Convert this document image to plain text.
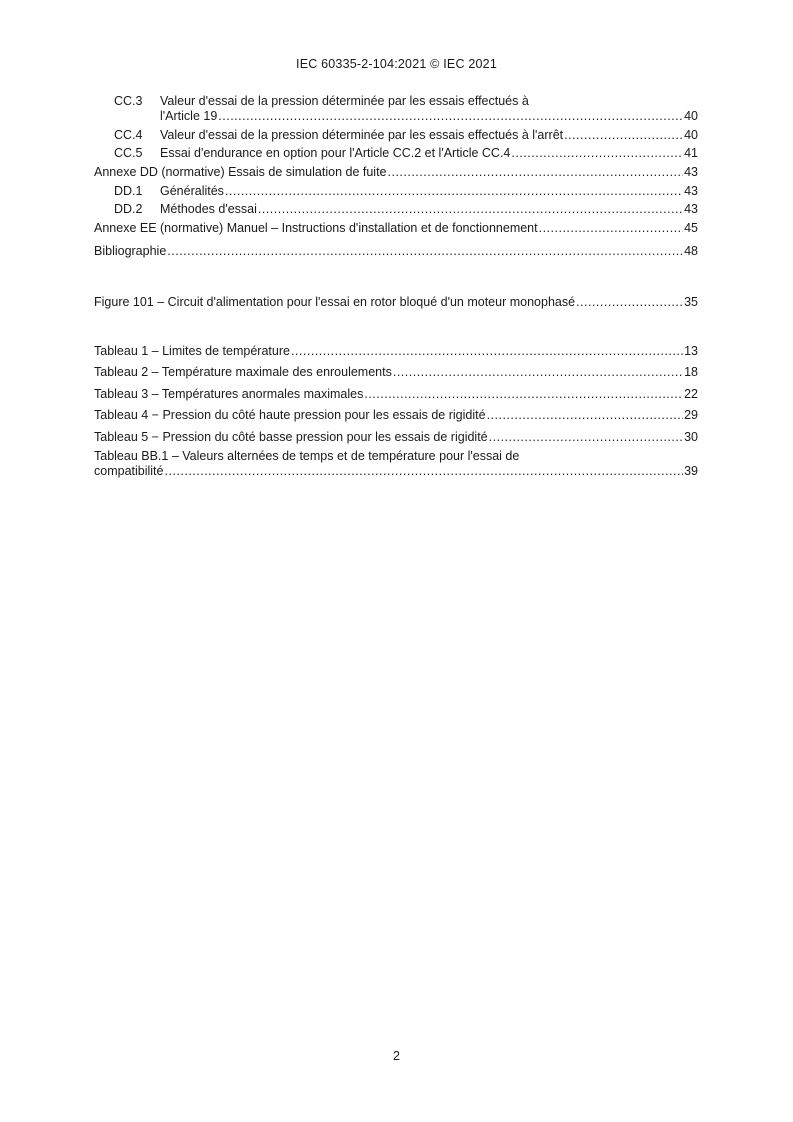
IEC 60335-2-104:2021 © IEC 2021
CC.3 Valeur d'essai de la pression déterminée par les essais effectués à
l'Article 19 .....	40
CC.4	Valeur d'essai de la pression déterminée par les essais effectués à l'arrêt .....	40
CC.5	Essai d'endurance en option pour l'Article CC.2 et l'Article CC.4 .....	41
Annexe DD (normative) Essais de simulation de fuite .....	43
DD.1	Généralités .....	43
DD.2	Méthodes d'essai .....	43
Annexe EE (normative) Manuel – Instructions d'installation et de fonctionnement .....	45
Bibliographie .....	48
Figure 101 – Circuit d'alimentation pour l'essai en rotor bloqué d'un moteur monophasé .....	35
Tableau 1 – Limites de température .....	13
Tableau 2 – Température maximale des enroulements .....	18
Tableau 3 – Températures anormales maximales .....	22
Tableau 4 − Pression du côté haute pression pour les essais de rigidité .....	29
Tableau 5 − Pression du côté basse pression pour les essais de rigidité .....	30
Tableau BB.1 – Valeurs alternées de temps et de température pour l'essai de
compatibilité .....	39
2
